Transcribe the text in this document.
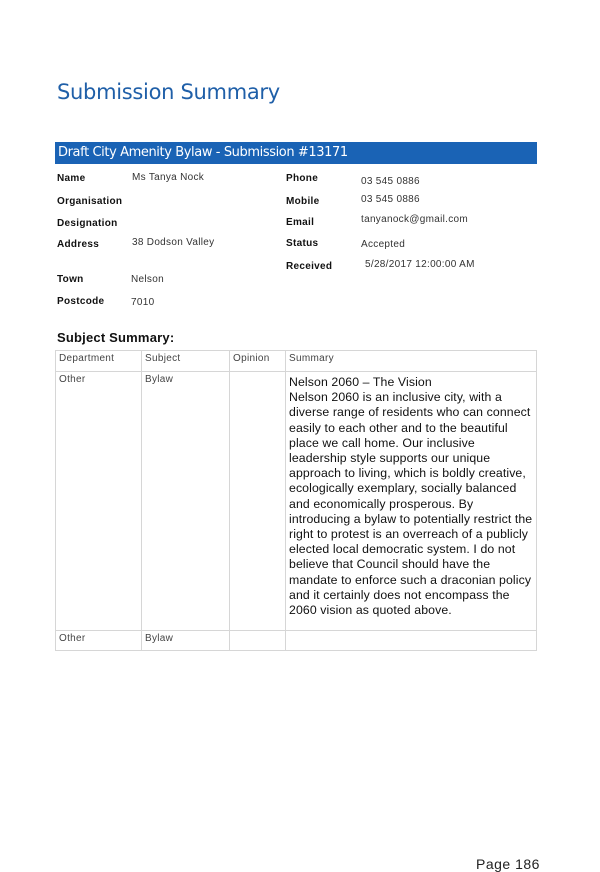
Submission Summary
Draft City Amenity Bylaw - Submission #13171
Name	Ms Tanya Nock
Organisation
Designation
Address	38 Dodson Valley
Town	Nelson
Postcode	7010
Phone	03 545 0886
Mobile	03 545 0886
Email	tanyanock@gmail.com
Status	Accepted
Received	5/28/2017 12:00:00 AM
Subject Summary:
Department	Subject	Opinion	Summary
Other	Bylaw		Nelson 2060 – The Vision
Nelson 2060 is an inclusive city, with a diverse range of residents who can connect easily to each other and to the beautiful place we call home. Our inclusive leadership style supports our unique approach to living, which is boldly creative, ecologically exemplary, socially balanced and economically prosperous. By introducing a bylaw to potentially restrict the right to protest is an overreach of a publicly elected local democratic system. I do not believe that Council should have the mandate to enforce such a draconian policy and it certainly does not encompass the 2060 vision as quoted above.

Other	Bylaw		
Page 186
